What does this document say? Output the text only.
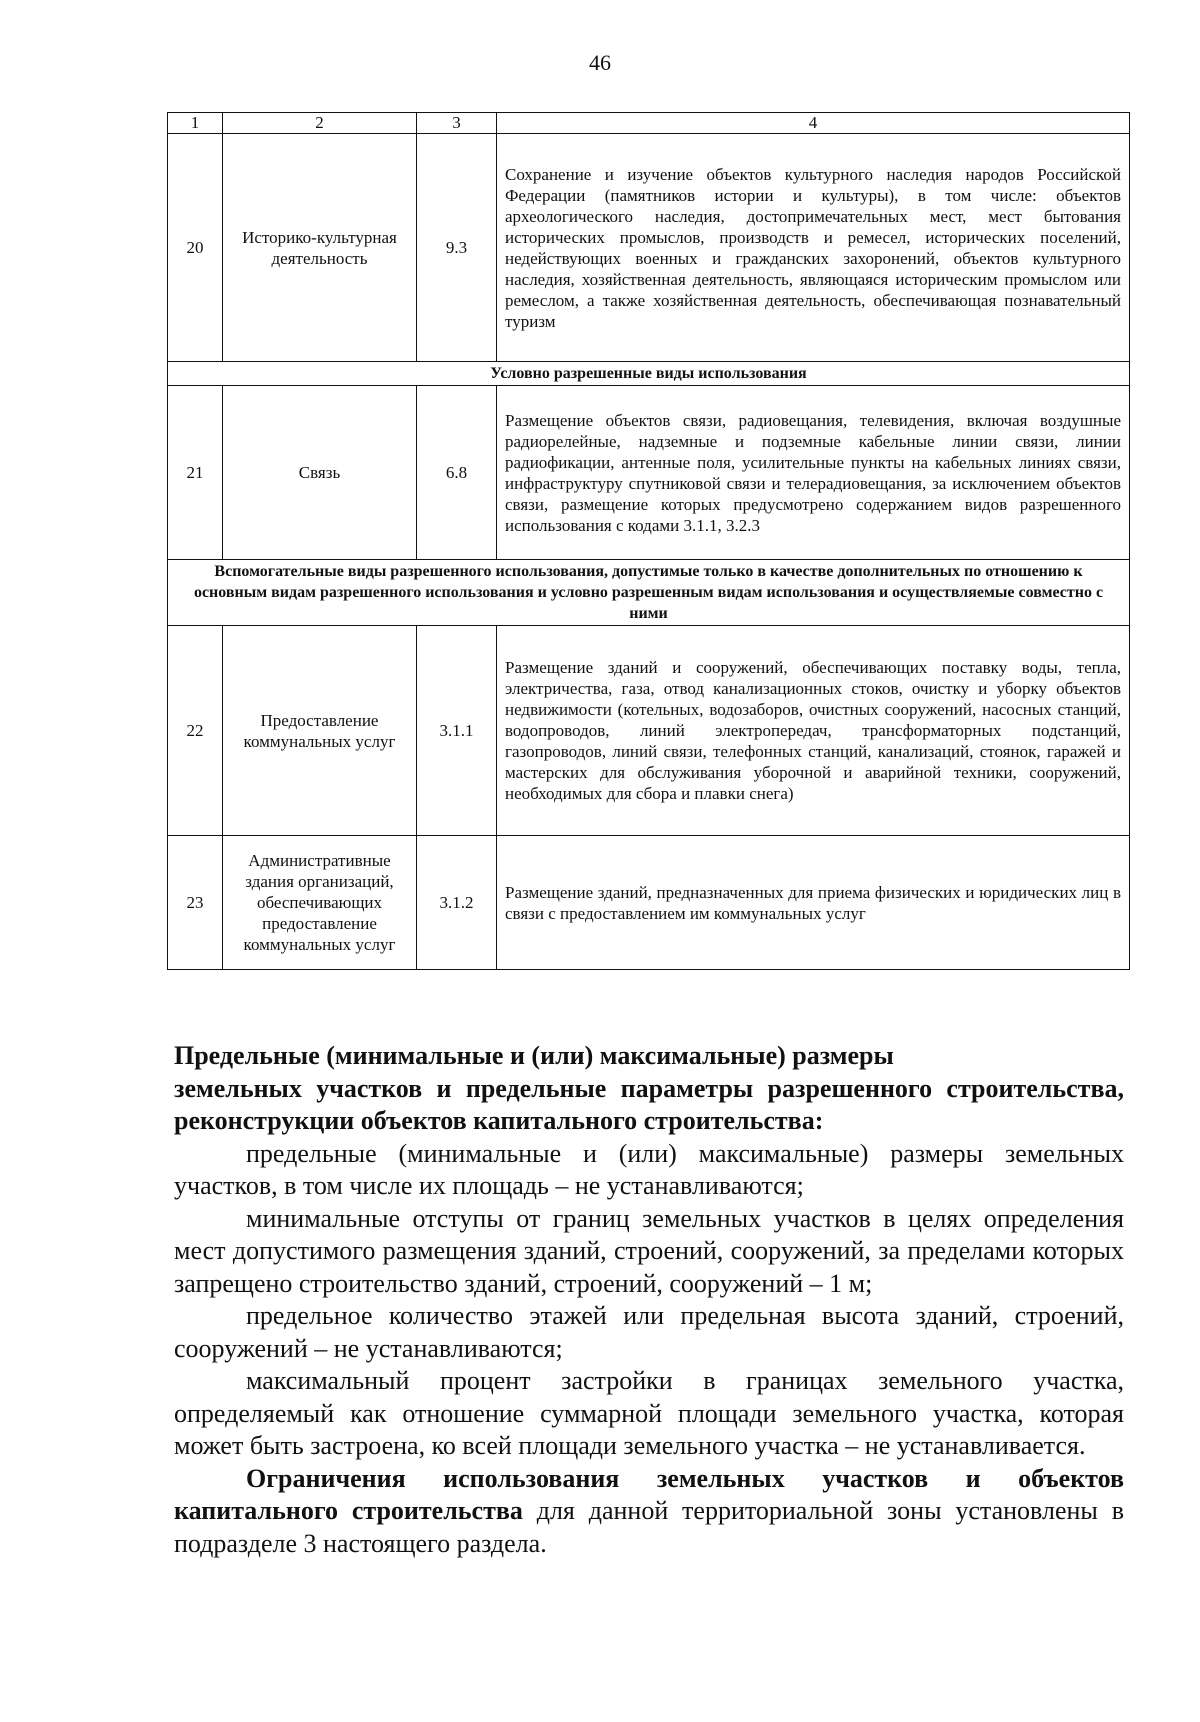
46
1	2	3	4
20	Историко-культурная деятельность	9.3	Сохранение и изучение объектов культурного наследия народов Российской Федерации (памятников истории и культуры), в том числе: объектов археологического наследия, достопримечательных мест, мест бытования исторических промыслов, производств и ремесел, исторических поселений, недействующих военных и гражданских захоронений, объектов культурного наследия, хозяйственная деятельность, являющаяся историческим промыслом или ремеслом, а также хозяйственная деятельность, обеспечивающая познавательный туризм
Условно разрешенные виды использования			
21	Связь	6.8	Размещение объектов связи, радиовещания, телевидения, включая воздушные радиорелейные, надземные и подземные кабельные линии связи, линии радиофикации, антенные поля, усилительные пункты на кабельных линиях связи, инфраструктуру спутниковой связи и телерадиовещания, за исключением объектов связи, размещение которых предусмотрено содержанием видов разрешенного использования с кодами 3.1.1, 3.2.3
Вспомогательные виды разрешенного использования, допустимые только в качестве дополнительных по отношению к основным видам разрешенного использования и условно разрешенным видам использования и осуществляемые совместно с ними			
22	Предоставление коммунальных услуг	3.1.1	Размещение зданий и сооружений, обеспечивающих поставку воды, тепла, электричества, газа, отвод канализационных стоков, очистку и уборку объектов недвижимости (котельных, водозаборов, очистных сооружений, насосных станций, водопроводов, линий электропередач, трансформаторных подстанций, газопроводов, линий связи, телефонных станций, канализаций, стоянок, гаражей и мастерских для обслуживания уборочной и аварийной техники, сооружений, необходимых для сбора и плавки снега)
23	Административные здания организаций, обеспечивающих предоставление коммунальных услуг	3.1.2	Размещение зданий, предназначенных для приема физических и юридических лиц в связи с предоставлением им коммунальных услуг

Предельные (минимальные и (или) максимальные) размеры
земельных участков и предельные параметры разрешенного строительства, реконструкции объектов капитального строительства:

предельные (минимальные и (или) максимальные) размеры земельных участков, в том числе их площадь – не устанавливаются;

минимальные отступы от границ земельных участков в целях определения мест допустимого размещения зданий, строений, сооружений, за пределами которых запрещено строительство зданий, строений, сооружений – 1 м;

предельное количество этажей или предельная высота зданий, строений, сооружений – не устанавливаются;

максимальный процент застройки в границах земельного участка, определяемый как отношение суммарной площади земельного участка, которая может быть застроена, ко всей площади земельного участка – не устанавливается.

Ограничения использования земельных участков и объектов капитального строительства для данной территориальной зоны установлены в подразделе 3 настоящего раздела.
